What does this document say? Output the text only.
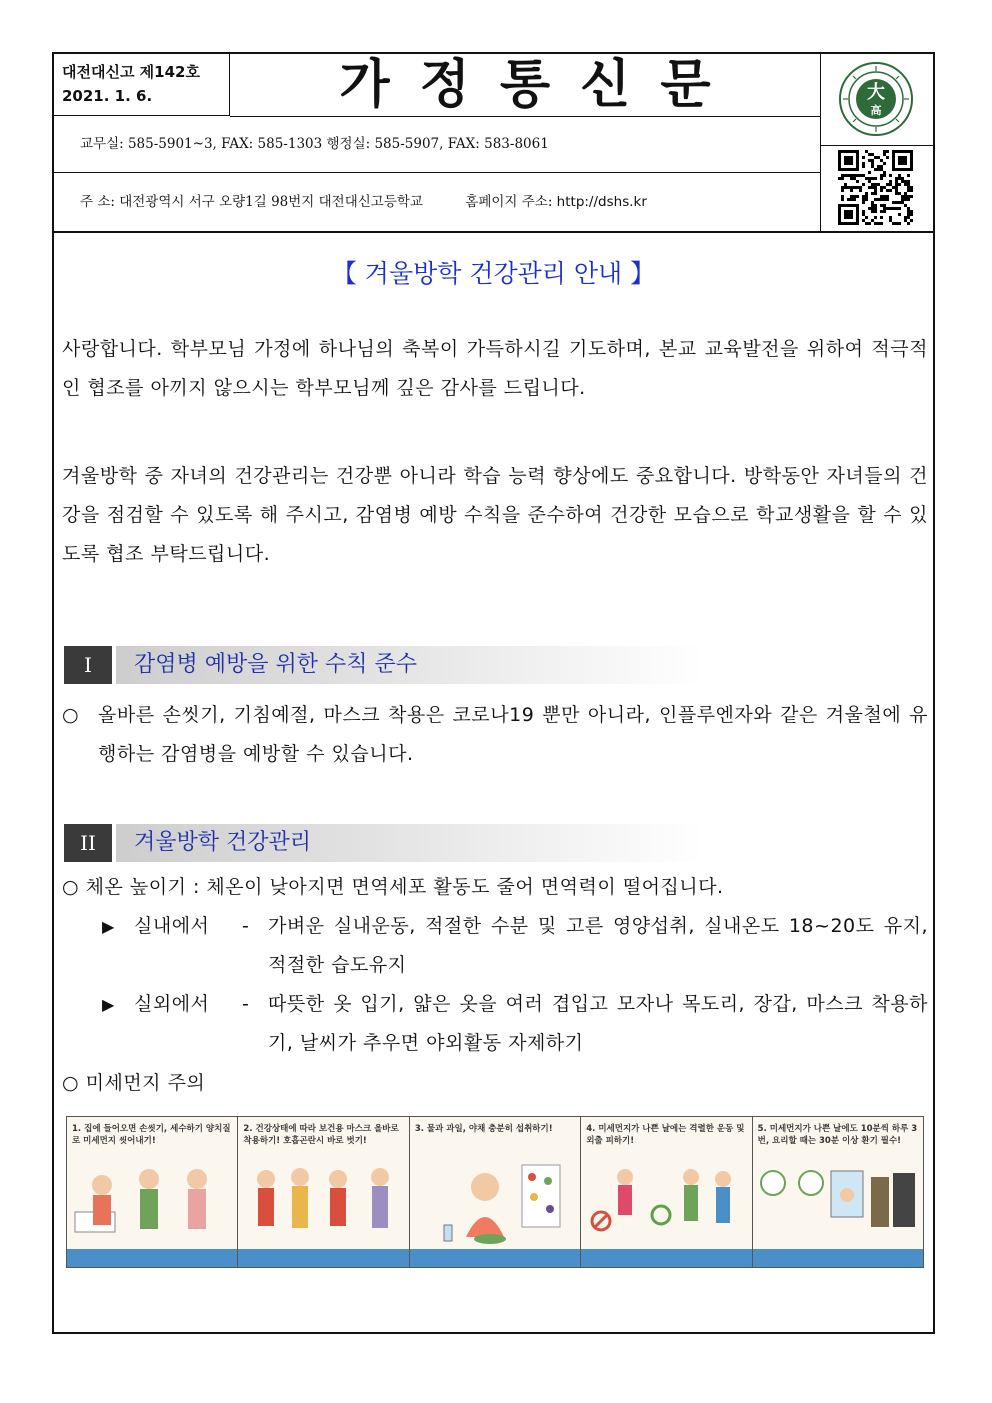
대전대신고 제142호
2021. 1. 6.	가정통신문	大
高
교무실: 585-5901~3, FAX: 585-1303 행정실: 585-5907, FAX: 583-8061
주 소: 대전광역시 서구 오량1길 98번지 대전대신고등학교	홈페이지 주소: http://dshs.kr
【 겨울방학 건강관리 안내 】

사랑합니다. 학부모님 가정에 하나님의 축복이 가득하시길 기도하며, 본교 교육발전을 위하여 적극적인 협조를 아끼지 않으시는 학부모님께 깊은 감사를 드립니다.

겨울방학 중 자녀의 건강관리는 건강뿐 아니라 학습 능력 향상에도 중요합니다. 방학동안 자녀들의 건강을 점검할 수 있도록 해 주시고, 감염병 예방 수칙을 준수하여 건강한 모습으로 학교생활을 할 수 있도록 협조 부탁드립니다.

I	감염병 예방을 위한 수칙 준수
○ 올바른 손씻기, 기침예절, 마스크 착용은 코로나19 뿐만 아니라, 인플루엔자와 같은 겨울철에 유행하는 감염병을 예방할 수 있습니다.
II	겨울방학 건강관리
○ 체온 높이기 : 체온이 낮아지면 면역세포 활동도 줄어 면역력이 떨어집니다.
▶ 실내에서 - 가벼운 실내운동, 적절한 수분 및 고른 영양섭취, 실내온도 18~20도 유지, 적절한 습도유지
▶ 실외에서 - 따뜻한 옷 입기, 얇은 옷을 여러 겹입고 모자나 목도리, 장갑, 마스크 착용하기, 날씨가 추우면 야외활동 자제하기
○ 미세먼지 주의
1. 집에 들어오면 손씻기, 세수하기 양치질로 미세먼지 씻어내기!
2. 건강상태에 따라 보건용 마스크 올바로 착용하기! 호흡곤란시 바로 벗기!
3. 물과 과일, 야채 충분히 섭취하기!	4. 미세먼지가 나쁜 날에는 격렬한 운동 및 외출 피하기!
5. 미세먼지가 나쁜 날에도 10분씩 하루 3번, 요리할 때는 30분 이상 환기 필수!
